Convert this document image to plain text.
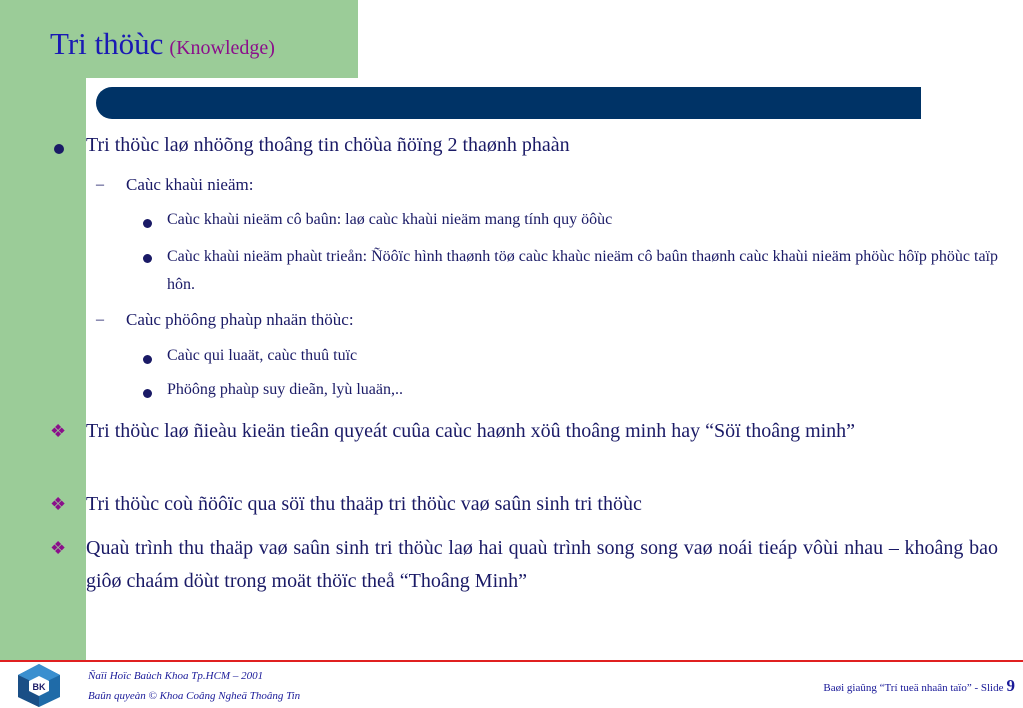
Tri thöùc (Knowledge)
Tri thöùc laø nhöõng thoâng tin chöùa ñöïng 2 thaønh phaàn
–	Caùc khaùi nieäm:
Caùc khaùi nieäm cô baûn: laø caùc khaùi nieäm mang tính quy öôùc
Caùc khaùi nieäm phaùt trieån: Ñöôïc hình thaønh töø caùc khaùc nieäm cô baûn thaønh caùc khaùi nieäm phöùc hôïp phöùc taïp hôn.
–	Caùc phöông phaùp nhaän thöùc:
Caùc qui luaät, caùc thuû tuïc
Phöông phaùp suy dieãn, lyù luaän,..
❖ Tri thöùc laø ñieàu kieän tieân quyeát cuûa caùc haønh xöû thoâng minh hay “Söï thoâng minh”
❖ Tri thöùc coù ñöôïc qua söï thu thaäp tri thöùc vaø saûn sinh tri thöùc
❖ Quaù trình thu thaäp vaø saûn sinh tri thöùc laø hai quaù trình song song vaø noái tieáp vôùi nhau – khoâng bao giôø chaám döùt trong moät thöïc theå “Thoâng Minh”
BK
Ñaïi Hoïc Baùch Khoa Tp.HCM – 2001
Baûn quyeàn © Khoa Coâng Ngheä Thoâng Tin
Baøi giaûng “Trí tueä nhaân taïo” - Slide 9
